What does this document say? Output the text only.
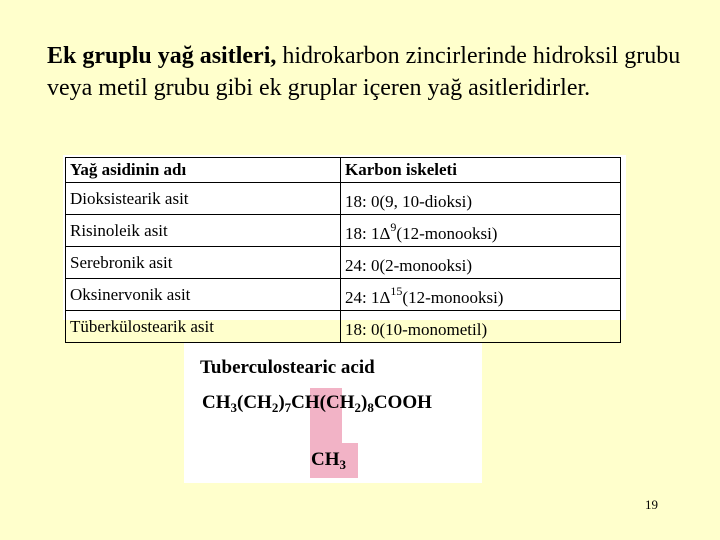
Ek gruplu yağ asitleri, hidrokarbon zincirlerinde hidroksil grubu veya metil grubu gibi ek gruplar içeren yağ asitleridirler.
Yağ asidinin adı	Karbon iskeleti
Dioksistearik asit	18: 0(9, 10-dioksi)
Risinoleik asit	18: $1\Delta^9(12-monooksi)$
Serebronik asit	24: 0(2-monooksi)
Oksinervonik asit	24: $1\Delta^{15}(12-monooksi)$
Tüberkülostearik asit	18: 0(10-monometil)
Tuberculostearic acid
$CH_3(CH_2)_7CH(CH_2)_8COOH$
$CH_3$
19
